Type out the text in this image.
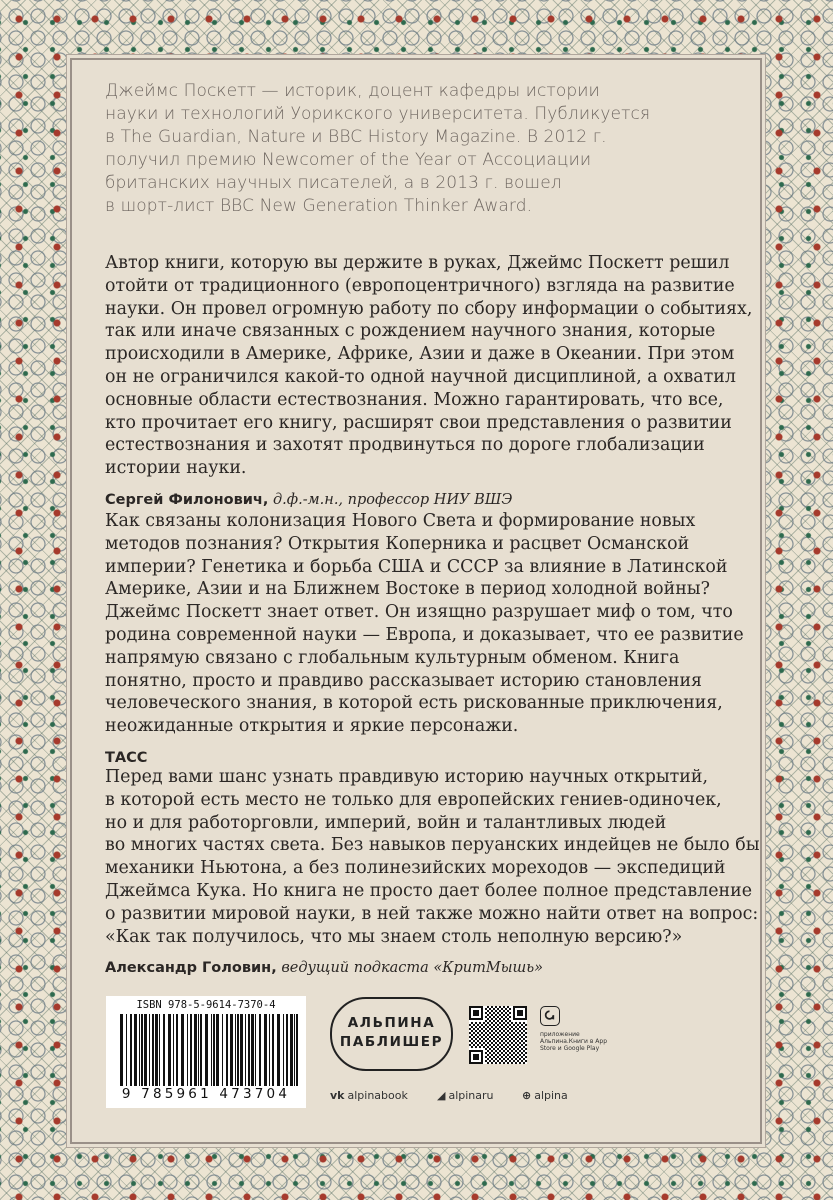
Джеймс Поскетт — историк, доцент кафедры истории
науки и технологий Уорикского университета. Публикуется
в The Guardian, Nature и BBC History Magazine. В 2012 г.
получил премию Newcomer of the Year от Ассоциации
британских научных писателей, а в 2013 г. вошел
в шорт-лист BBC New Generation Thinker Award.
Автор книги, которую вы держите в руках, Джеймс Поскетт решил
отойти от традиционного (европоцентричного) взгляда на развитие
науки. Он провел огромную работу по сбору информации о событиях,
так или иначе связанных с рождением научного знания, которые
происходили в Америке, Африке, Азии и даже в Океании. При этом
он не ограничился какой-то одной научной дисциплиной, а охватил
основные области естествознания. Можно гарантировать, что все,
кто прочитает его книгу, расширят свои представления о развитии
естествознания и захотят продвинуться по дороге глобализации
истории науки.
Сергей Филонович, д.ф.-м.н., профессор НИУ ВШЭ
Как связаны колонизация Нового Света и формирование новых
методов познания? Открытия Коперника и расцвет Османской
империи? Генетика и борьба США и СССР за влияние в Латинской
Америке, Азии и на Ближнем Востоке в период холодной войны?
Джеймс Поскетт знает ответ. Он изящно разрушает миф о том, что
родина современной науки — Европа, и доказывает, что ее развитие
напрямую связано с глобальным культурным обменом. Книга
понятно, просто и правдиво рассказывает историю становления
человеческого знания, в которой есть рискованные приключения,
неожиданные открытия и яркие персонажи.
ТАСС
Перед вами шанс узнать правдивую историю научных открытий,
в которой есть место не только для европейских гениев-одиночек,
но и для работорговли, империй, войн и талантливых людей
во многих частях света. Без навыков перуанских индейцев не было бы
механики Ньютона, а без полинезийских мореходов — экспедиций
Джеймса Кука. Но книга не просто дает более полное представление
о развитии мировой науки, в ней также можно найти ответ на вопрос:
«Как так получилось, что мы знаем столь неполную версию?»
Александр Головин, ведущий подкаста «КритМышь»
ISBN 978-5-9614-7370-4
9 785961 473704
АЛЬПИНА
ПАБЛИШЕР	приложение Альпина.Книги в App Store и Google Play
vk alpinabook	◢ alpinaru	⊕ alpina
